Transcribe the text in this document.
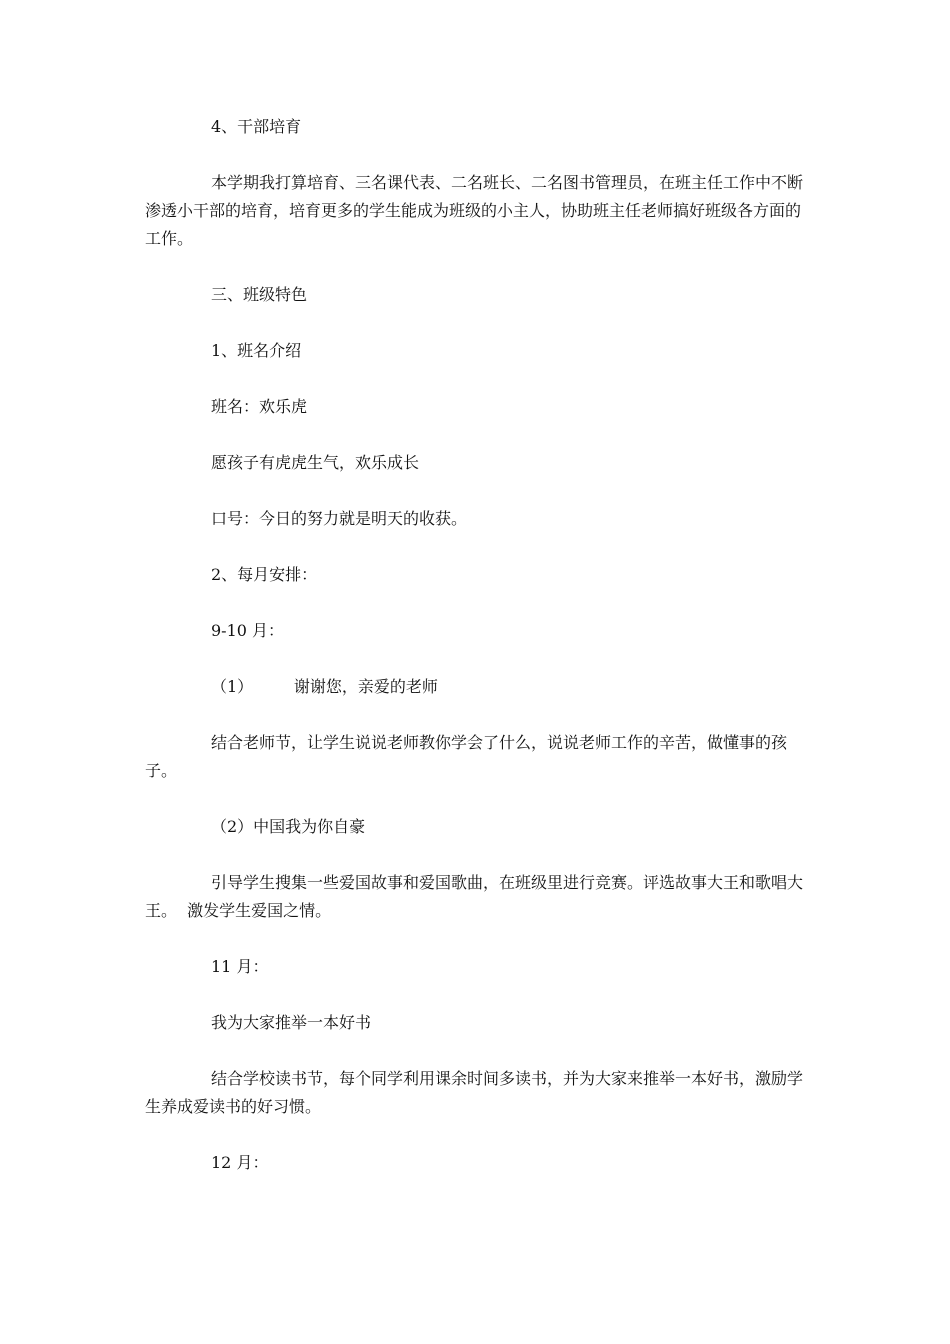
4、干部培育

本学期我打算培育、三名课代表、二名班长、二名图书管理员，在班主任工作中不断渗透小干部的培育，培育更多的学生能成为班级的小主人，协助班主任老师搞好班级各方面的工作。

三、班级特色

1、班名介绍

班名：欢乐虎

愿孩子有虎虎生气，欢乐成长

口号：今日的努力就是明天的收获。

2、每月安排：

9-10 月：

（1）        谢谢您，亲爱的老师

结合老师节，让学生说说老师教你学会了什么，说说老师工作的辛苦，做懂事的孩子。

（2）中国我为你自豪

引导学生搜集一些爱国故事和爱国歌曲，在班级里进行竞赛。评选故事大王和歌唱大王。  激发学生爱国之情。

11 月：

我为大家推举一本好书

结合学校读书节，每个同学利用课余时间多读书，并为大家来推举一本好书，激励学生养成爱读书的好习惯。

12 月：
